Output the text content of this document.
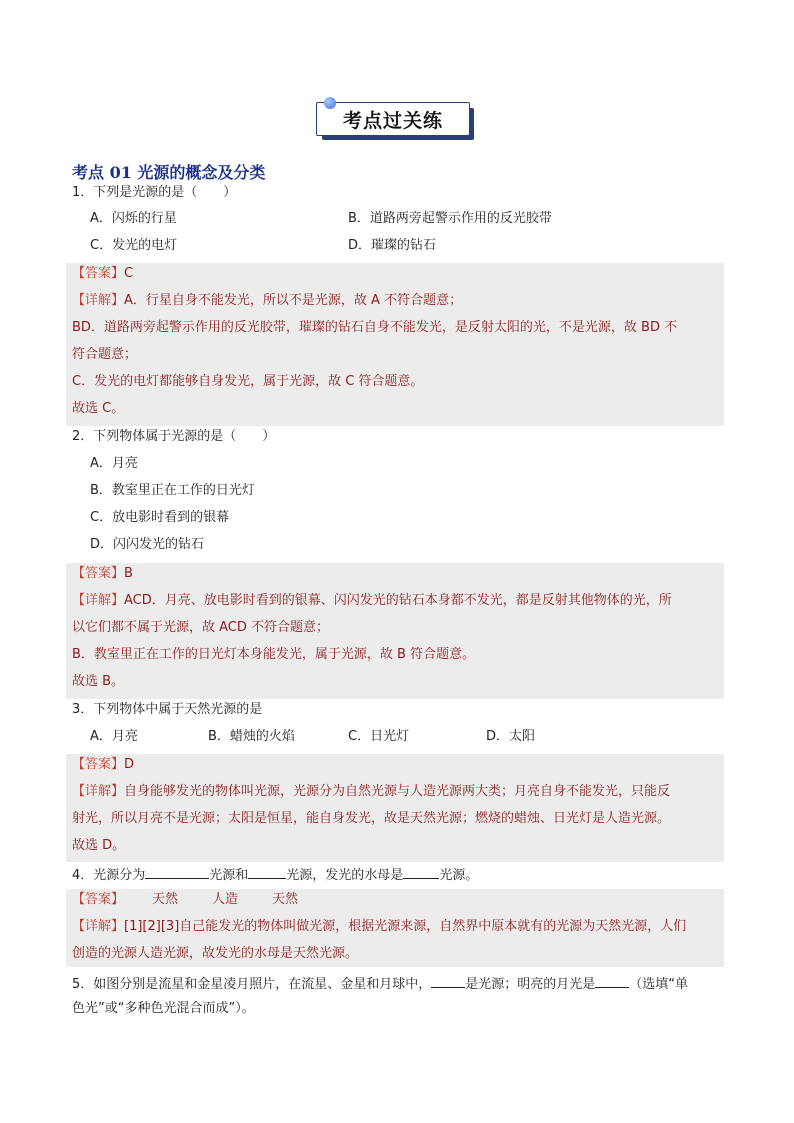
考点过关练
考点 01 光源的概念及分类
1．下列是光源的是（　　）
A．闪烁的行星	B．道路两旁起警示作用的反光胶带
C．发光的电灯	D．璀璨的钻石
【答案】C
【详解】A．行星自身不能发光，所以不是光源，故 A 不符合题意；
BD．道路两旁起警示作用的反光胶带，璀璨的钻石自身不能发光，是反射太阳的光，不是光源，故 BD 不
符合题意；
C．发光的电灯都能够自身发光，属于光源，故 C 符合题意。
故选 C。
2．下列物体属于光源的是（　　）
A．月亮
B．教室里正在工作的日光灯
C．放电影时看到的银幕
D．闪闪发光的钻石
【答案】B
【详解】ACD．月亮、放电影时看到的银幕、闪闪发光的钻石本身都不发光，都是反射其他物体的光，所
以它们都不属于光源，故 ACD 不符合题意；
B．教室里正在工作的日光灯本身能发光，属于光源，故 B 符合题意。
故选 B。
3．下列物体中属于天然光源的是
A．月亮	B．蜡烛的火焰	C．日光灯	D．太阳
【答案】D
【详解】自身能够发光的物体叫光源，光源分为自然光源与人造光源两大类；月亮自身不能发光，只能反
射光，所以月亮不是光源；太阳是恒星，能自身发光，故是天然光源；燃烧的蜡烛、日光灯是人造光源。
故选 D。
4．光源分为	光源和	光源，发光的水母是	光源。
【答案】 天然	人造	天然
【详解】[1][2][3]自己能发光的物体叫做光源，根据光源来源，自然界中原本就有的光源为天然光源，人们
创造的光源人造光源，故发光的水母是天然光源。
5．如图分别是流星和金星凌月照片，在流星、金星和月球中，	是光源；明亮的月光是	（选填“单
色光”或“多种色光混合而成”）。
